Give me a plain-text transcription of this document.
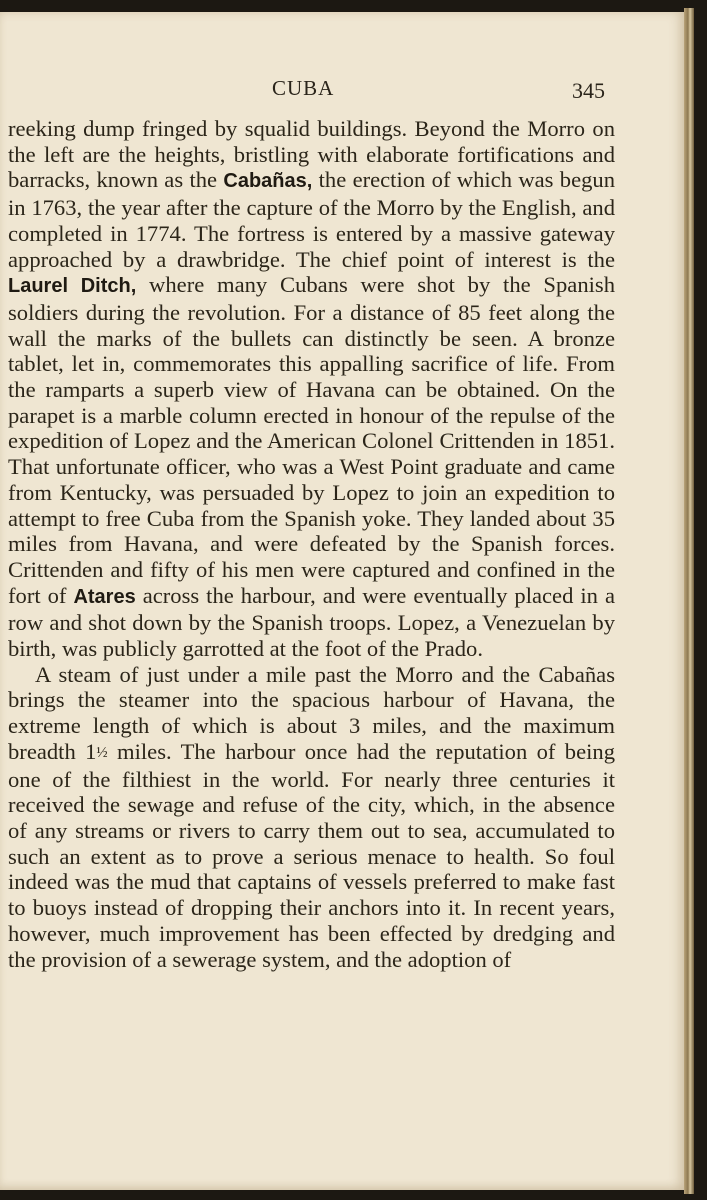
CUBA	345

reeking dump fringed by squalid buildings. Beyond the Morro on the left are the heights, bristling with elaborate fortifications and barracks, known as the Cabañas, the erection of which was begun in 1763, the year after the capture of the Morro by the English, and completed in 1774. The fortress is entered by a massive gateway approached by a drawbridge. The chief point of interest is the Laurel Ditch, where many Cubans were shot by the Spanish soldiers during the revolution. For a distance of 85 feet along the wall the marks of the bullets can distinctly be seen. A bronze tablet, let in, commemorates this appalling sacrifice of life. From the ramparts a superb view of Havana can be obtained. On the parapet is a marble column erected in honour of the repulse of the expedition of Lopez and the American Colonel Crittenden in 1851. That unfortunate officer, who was a West Point graduate and came from Kentucky, was persuaded by Lopez to join an expedition to attempt to free Cuba from the Spanish yoke. They landed about 35 miles from Havana, and were defeated by the Spanish forces. Crittenden and fifty of his men were captured and confined in the fort of Atares across the harbour, and were eventually placed in a row and shot down by the Spanish troops. Lopez, a Venezuelan by birth, was publicly garrotted at the foot of the Prado.

A steam of just under a mile past the Morro and the Cabañas brings the steamer into the spacious harbour of Havana, the extreme length of which is about 3 miles, and the maximum breadth 1½ miles. The harbour once had the reputation of being one of the filthiest in the world. For nearly three centuries it received the sewage and refuse of the city, which, in the absence of any streams or rivers to carry them out to sea, accumulated to such an extent as to prove a serious menace to health. So foul indeed was the mud that captains of vessels preferred to make fast to buoys instead of dropping their anchors into it. In recent years, however, much improvement has been effected by dredging and the provision of a sewerage system, and the adoption of
